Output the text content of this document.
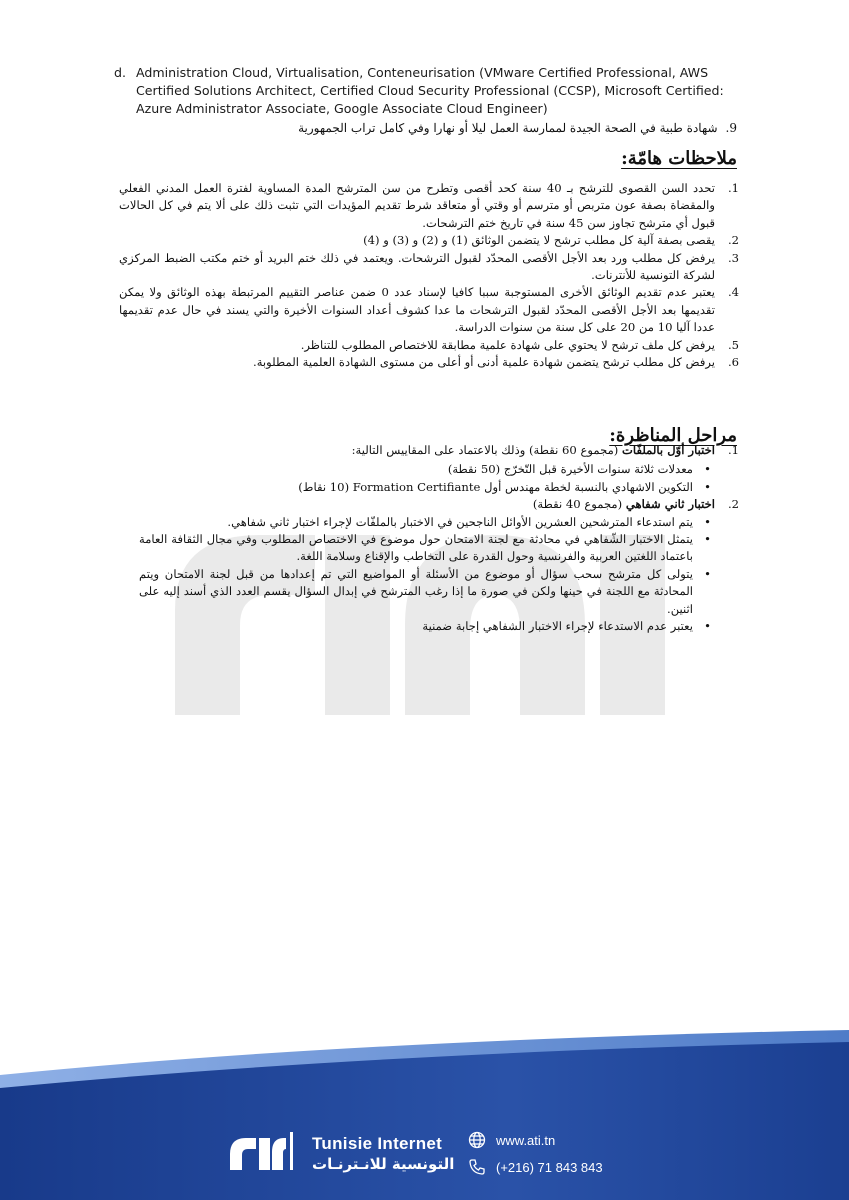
d. Administration Cloud, Virtualisation, Conteneurisation (VMware Certified Professional, AWS Certified Solutions Architect, Certified Cloud Security Professional (CCSP), Microsoft Certified: Azure Administrator Associate, Google Associate Cloud Engineer)
.9شهادة طبية في الصحة الجيدة لممارسة العمل ليلا أو نهارا وفي كامل تراب الجمهورية
ملاحظات هامّة:
.1
تحدد السن القصوى للترشح بـ 40 سنة كحد أقصى وتطرح من سن المترشح المدة المساوية لفترة العمل المدني الفعلي والمقضاة بصفة عون متربص أو مترسم أو وقتي أو متعاقد شرط تقديم المؤيدات التي تثبت ذلك على ألا يتم في كل الحالات قبول أي مترشح تجاوز سن 45 سنة في تاريخ ختم الترشحات.
.2
يقصى بصفة آلية كل مطلب ترشح لا يتضمن الوثائق (1) و (2) و (3) و (4)
.3
يرفض كل مطلب ورد بعد الأجل الأقصى المحدّد لقبول الترشحات. ويعتمد في ذلك ختم البريد أو ختم مكتب الضبط المركزي لشركة التونسية للأنترنات.
.4
يعتبر عدم تقديم الوثائق الأخرى المستوجبة سببا كافيا لإسناد عدد 0 ضمن عناصر التقييم المرتبطة بهذه الوثائق ولا يمكن تقديمها بعد الأجل الأقصى المحدّد لقبول الترشحات ما عدا كشوف أعداد السنوات الأخيرة والتي يسند في حال عدم تقديمها عددا آليا 10 من 20 على كل سنة من سنوات الدراسة.
.5
يرفض كل ملف ترشح لا يحتوي على شهادة علمية مطابقة للاختصاص المطلوب للتناظر.
.6
يرفض كل مطلب ترشح يتضمن شهادة علمية أدنى أو أعلى من مستوى الشهادة العلمية المطلوبة.
مراحل المناظرة:
.1
اختبار أوّل بالملفّات (مجموع 60 نقطة) وذلك بالاعتماد على المقاييس التالية:
• معدلات ثلاثة سنوات الأخيرة قبل التّخرّج (50 نقطة)
• التكوين الاشهادي بالنسبة لخطة مهندس أول Formation Certifiante (10 نقاط)
.2
اختبار ثاني شفاهي (مجموع 40 نقطة)
• يتم استدعاء المترشحين العشرين الأوائل الناجحين في الاختبار بالملفّات لإجراء اختبار ثاني شفاهي.
• يتمثل الاختبار الشّفاهي في محادثة مع لجنة الامتحان حول موضوع في الاختصاص المطلوب وفي مجال الثقافة العامة باعتماد اللغتين العربية والفرنسية وحول القدرة على التخاطب والإقناع وسلامة اللغة.
• يتولى كل مترشح سحب سؤال أو موضوع من الأسئلة أو المواضيع التي تم إعدادها من قبل لجنة الامتحان ويتم المحادثة مع اللجنة في حينها ولكن في صورة ما إذا رغب المترشح في إبدال السؤال يقسم العدد الذي أسند إليه على اثنين.
• يعتبر عدم الاستدعاء لإجراء الاختبار الشفاهي إجابة ضمنية
Tunisie Internet
التونسية للانـترنـات
www.ati.tn
(+216) 71 843 843
